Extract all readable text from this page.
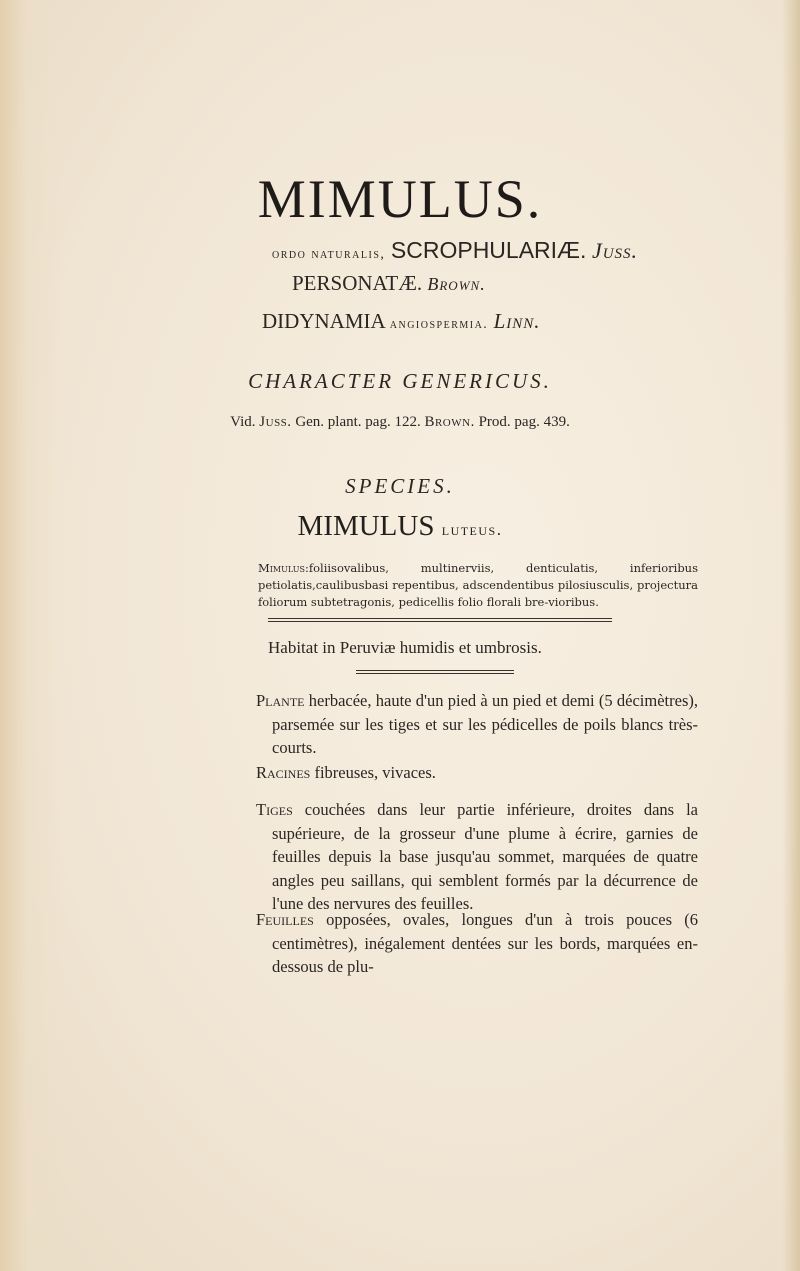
MIMULUS.
ordo naturalis, SCROPHULARIÆ. Juss.
PERSONATÆ. Brown.
DIDYNAMIA angiospermia. Linn.
CHARACTER GENERICUS.
Vid. Juss. Gen. plant. pag. 122. Brown. Prod. pag. 439.
SPECIES.
MIMULUS luteus.
Mimulus:foliisovalibus, multinerviis, denticulatis, inferioribus petiolatis,caulibusbasi repentibus, adscendentibus pilosiusculis, projectura foliorum subtetragonis, pedicellis folio florali bre-vioribus.
Habitat in Peruviæ humidis et umbrosis.
Plante herbacée, haute d'un pied à un pied et demi (5 décimètres), parsemée sur les tiges et sur les pédicelles de poils blancs très-courts.
Racines fibreuses, vivaces.
Tiges couchées dans leur partie inférieure, droites dans la supérieure, de la grosseur d'une plume à écrire, garnies de feuilles depuis la base jusqu'au sommet, marquées de quatre angles peu saillans, qui semblent formés par la décurrence de l'une des nervures des feuilles.
Feuilles opposées, ovales, longues d'un à trois pouces (6 centimètres), inégalement dentées sur les bords, marquées en-dessous de plu-
